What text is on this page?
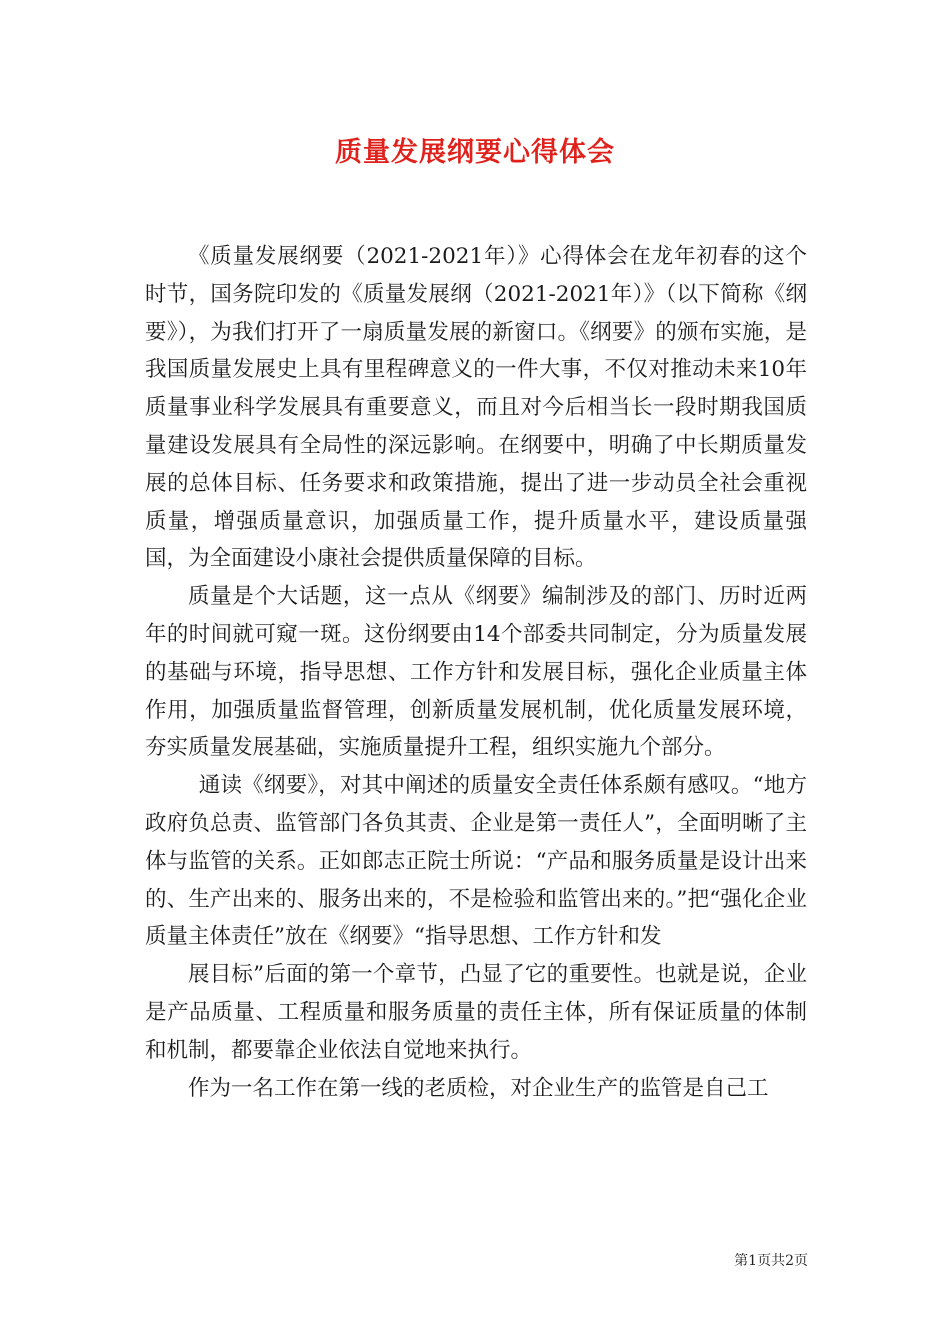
质量发展纲要心得体会

《质量发展纲要（2021-2021年）》心得体会在龙年初春的这个时节，国务院印发的《质量发展纲（2021-2021年）》（以下简称《纲要》），为我们打开了一扇质量发展的新窗口。《纲要》的颁布实施，是我国质量发展史上具有里程碑意义的一件大事，不仅对推动未来10年质量事业科学发展具有重要意义，而且对今后相当长一段时期我国质量建设发展具有全局性的深远影响。在纲要中，明确了中长期质量发展的总体目标、任务要求和政策措施，提出了进一步动员全社会重视质量，增强质量意识，加强质量工作，提升质量水平，建设质量强国，为全面建设小康社会提供质量保障的目标。

质量是个大话题，这一点从《纲要》编制涉及的部门、历时近两年的时间就可窥一斑。这份纲要由14个部委共同制定，分为质量发展的基础与环境，指导思想、工作方针和发展目标，强化企业质量主体作用，加强质量监督管理，创新质量发展机制，优化质量发展环境，夯实质量发展基础，实施质量提升工程，组织实施九个部分。

通读《纲要》，对其中阐述的质量安全责任体系颇有感叹。“地方政府负总责、监管部门各负其责、企业是第一责任人”，全面明晰了主体与监管的关系。正如郎志正院士所说：“产品和服务质量是设计出来的、生产出来的、服务出来的，不是检验和监管出来的。”把“强化企业质量主体责任”放在《纲要》“指导思想、工作方针和发

展目标”后面的第一个章节，凸显了它的重要性。也就是说，企业是产品质量、工程质量和服务质量的责任主体，所有保证质量的体制和机制，都要靠企业依法自觉地来执行。

作为一名工作在第一线的老质检，对企业生产的监管是自己工

第1页共2页
